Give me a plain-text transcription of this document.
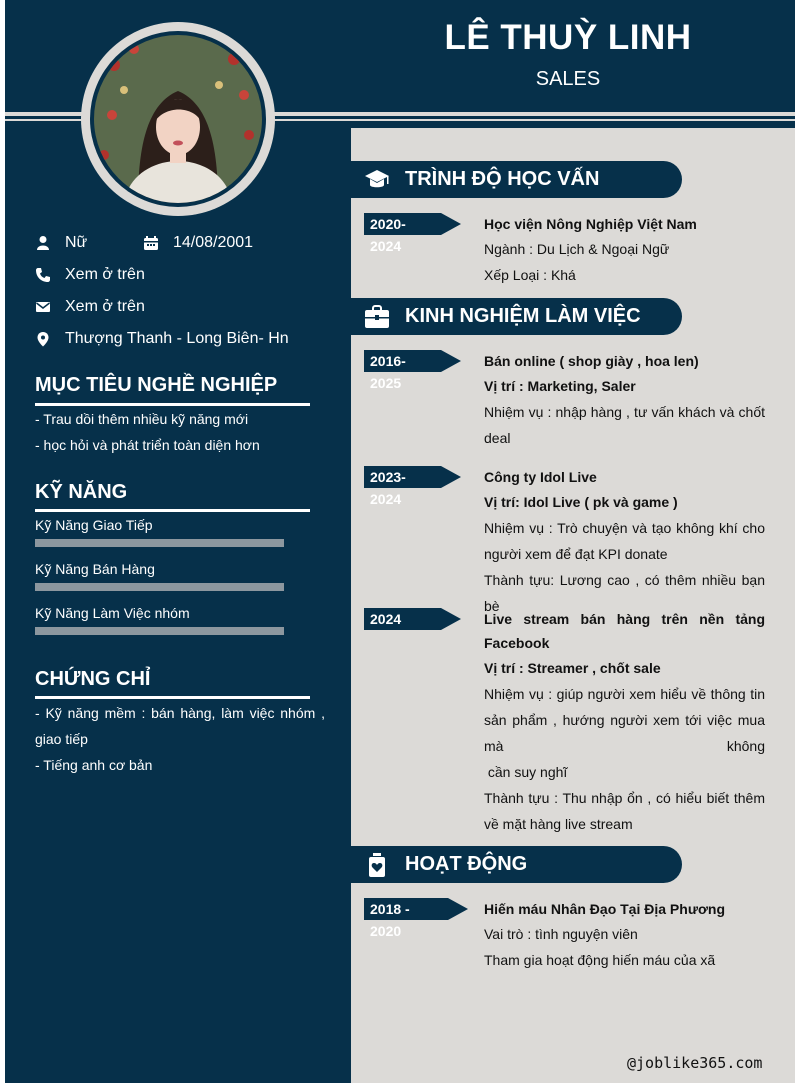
LÊ THUỲ LINH
SALES
Nữ	14/08/2001
Xem ở trên
Xem ở trên
Thượng Thanh - Long Biên- Hn
MỤC TIÊU NGHỀ NGHIỆP
- Trau dồi thêm nhiều kỹ năng mới
- học hỏi và phát triển toàn diện hơn
KỸ NĂNG
Kỹ Năng Giao Tiếp
Kỹ Năng Bán Hàng
Kỹ Năng Làm Việc nhóm
CHỨNG CHỈ
- Kỹ năng mềm : bán hàng, làm việc nhóm , giao tiếp
- Tiếng anh cơ bản
TRÌNH ĐỘ HỌC VẤN
2020-2024
Học viện Nông Nghiệp Việt Nam
Ngành : Du Lịch & Ngoại Ngữ
Xếp Loại : Khá
KINH NGHIỆM LÀM VIỆC
2016-2025
Bán online ( shop giày , hoa len)
Vị trí : Marketing, Saler
Nhiệm vụ : nhập hàng , tư vấn khách và chốt deal
2023-2024
Công ty Idol Live
Vị trí: Idol Live ( pk và game )
Nhiệm vụ : Trò chuyện và tạo không khí cho người xem để đạt KPI donate
Thành tựu: Lương cao , có thêm nhiều bạn bè
2024	Live stream bán hàng trên nền tảng Facebook
Vị trí : Streamer , chốt sale
Nhiệm vụ : giúp người xem hiểu về thông tin sản phẩm , hướng người xem tới việc mua mà không
cần suy nghĩ
Thành tựu : Thu nhập ổn , có hiểu biết thêm về mặt hàng live stream
HOẠT ĐỘNG
2018 - 2020
Hiến máu Nhân Đạo Tại Địa Phương
Vai trò : tình nguyện viên
Tham gia hoạt động hiến máu của xã
@joblike365.com
